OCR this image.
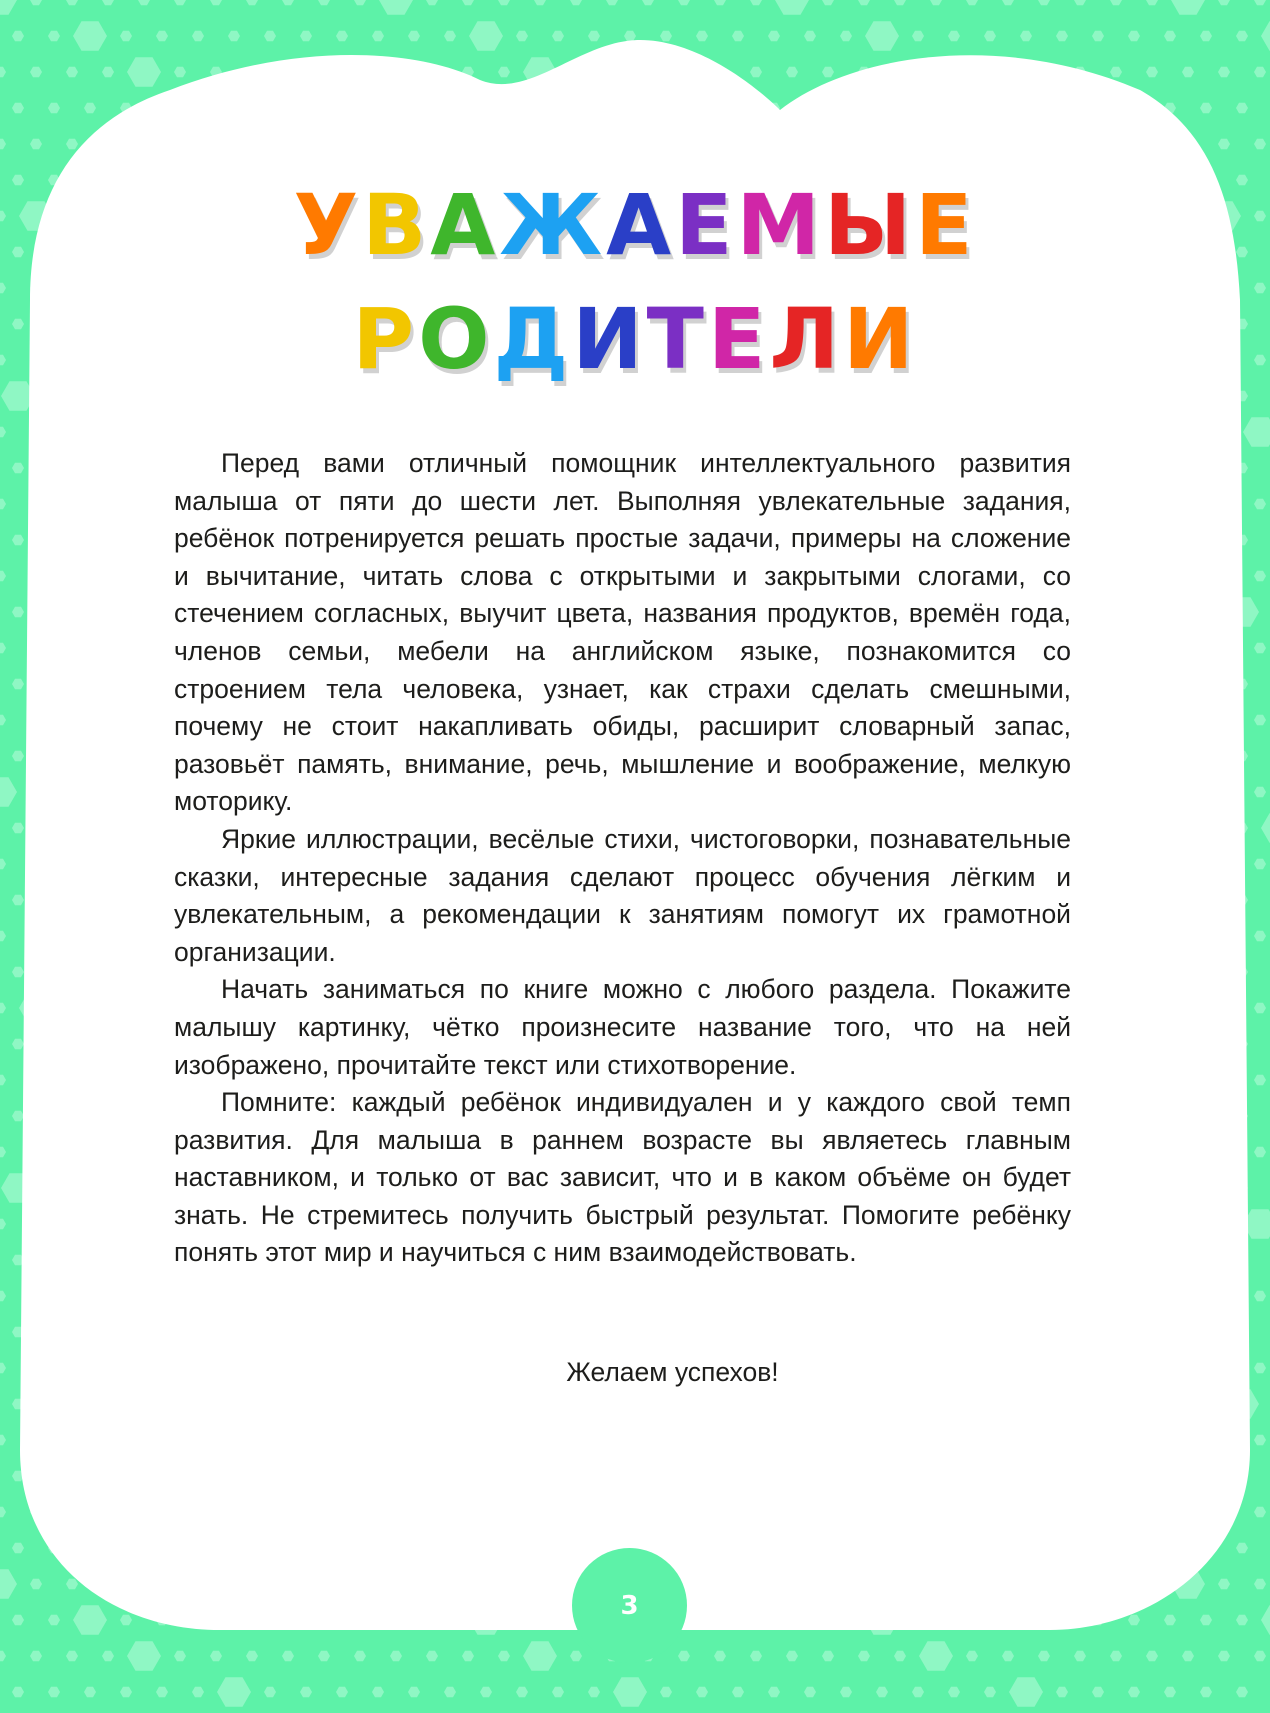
УВАЖАЕМЫЕ
РОДИТЕЛИ

Перед вами отличный помощник интеллектуального развития малыша от пяти до шести лет. Выполняя увлекательные задания, ребёнок потренируется решать простые задачи, примеры на сложение и вычитание, читать слова с открытыми и закрытыми слогами, со стечением согласных, выучит цвета, названия продуктов, времён года, членов семьи, мебели на английском языке, познакомится со строением тела человека, узнает, как страхи сделать смешными, почему не стоит накапливать обиды, расширит словарный запас, разовьёт память, внимание, речь, мышление и воображение, мелкую моторику.

Яркие иллюстрации, весёлые стихи, чистоговорки, познавательные сказки, интересные задания сделают процесс обучения лёгким и увлекательным, а рекомендации к занятиям помогут их грамотной организации.

Начать заниматься по книге можно с любого раздела. Покажите малышу картинку, чётко произнесите название того, что на ней изображено, прочитайте текст или стихотворение.

Помните: каждый ребёнок индивидуален и у каждого свой темп развития. Для малыша в раннем возрасте вы являетесь главным наставником, и только от вас зависит, что и в каком объёме он будет знать. Не стремитесь получить быстрый результат. Помогите ребёнку понять этот мир и научиться с ним взаимодействовать.

Желаем успехов!
3
